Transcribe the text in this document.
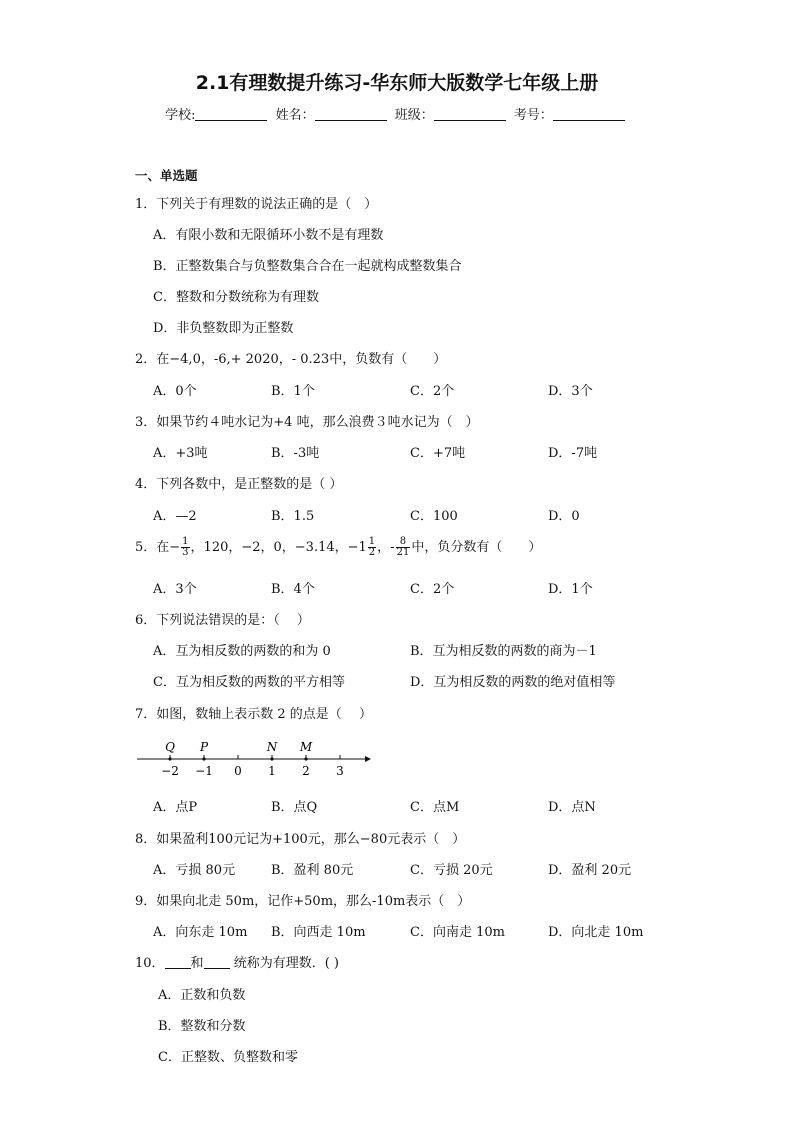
2.1有理数提升练习-华东师大版数学七年级上册
学校:	姓名：	班级：	考号：
一、单选题
1．下列关于有理数的说法正确的是（　）
A．有限小数和无限循环小数不是有理数
B．正整数集合与负整数集合合在一起就构成整数集合
C．整数和分数统称为有理数
D．非负整数即为正整数
2．在−4,0，-6,+ 2020，- 0.23中，负数有（　　）
A．0个	B．1个	C．2个	D．3个
3．如果节约４吨水记为+4 吨，那么浪费３吨水记为（　）
A．+3吨	B．-3吨	C．+7吨	D．-7吨
4．下列各数中，是正整数的是（ ）
A．—2	B．1.5	C．100	D．0
5．在− $\frac{1}{3}$ ，120，−2，0，−3.14，$-1 \frac{1}{2}$ ，- $\frac{8}{21}$ 中，负分数有（　　）
A．3个	B．4个	C．2个	D．1个
6．下列说法错误的是：（　 ）
A．互为相反数的两数的和为 0	B．互为相反数的两数的商为－1
C．互为相反数的两数的平方相等	D．互为相反数的两数的绝对值相等
7．如图，数轴上表示数 2 的点是（　 ）
−2 −1 0 1 2 3
Q P	N M
A．点P	B．点Q	C．点M	D．点N
8．如果盈利100元记为+100元，那么−80元表示（　）
A．亏损 80元	B．盈利 80元	C．亏损 20元	D．盈利 20元
9．如果向北走 50m，记作+50m，那么-10m表示（　）
A．向东走 10m B．向西走 10m	C．向南走 10m	D．向北走 10m
10． 和 统称为有理数．( )
A．正数和负数
B．整数和分数
C．正整数、负整数和零
